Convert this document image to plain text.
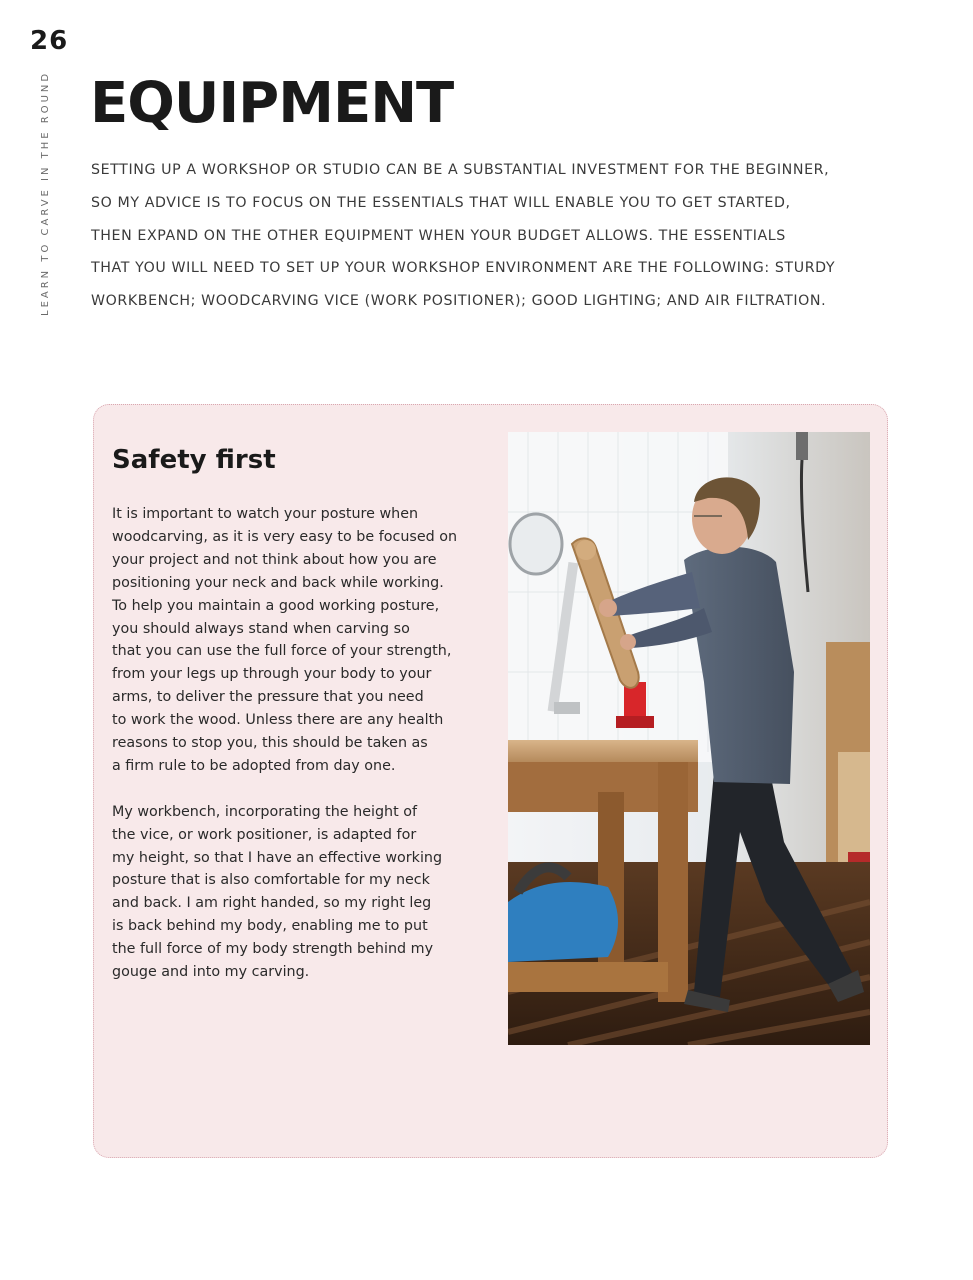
26
LEARN TO CARVE IN THE ROUND EQUIPMENT
SETTING UP A WORKSHOP OR STUDIO CAN BE A SUBSTANTIAL INVESTMENT FOR THE BEGINNER,
SO MY ADVICE IS TO FOCUS ON THE ESSENTIALS THAT WILL ENABLE YOU TO GET STARTED,
THEN EXPAND ON THE OTHER EQUIPMENT WHEN YOUR BUDGET ALLOWS. THE ESSENTIALS
THAT YOU WILL NEED TO SET UP YOUR WORKSHOP ENVIRONMENT ARE THE FOLLOWING: STURDY
WORKBENCH; WOODCARVING VICE (WORK POSITIONER); GOOD LIGHTING; AND AIR FILTRATION.
Safety first
It is important to watch your posture when
woodcarving, as it is very easy to be focused on
your project and not think about how you are
positioning your neck and back while working.
To help you maintain a good working posture,
you should always stand when carving so
that you can use the full force of your strength,
from your legs up through your body to your
arms, to deliver the pressure that you need
to work the wood. Unless there are any health
reasons to stop you, this should be taken as
a firm rule to be adopted from day one.
My workbench, incorporating the height of
the vice, or work positioner, is adapted for
my height, so that I have an effective working
posture that is also comfortable for my neck
and back. I am right handed, so my right leg
is back behind my body, enabling me to put
the full force of my body strength behind my
gouge and into my carving.
